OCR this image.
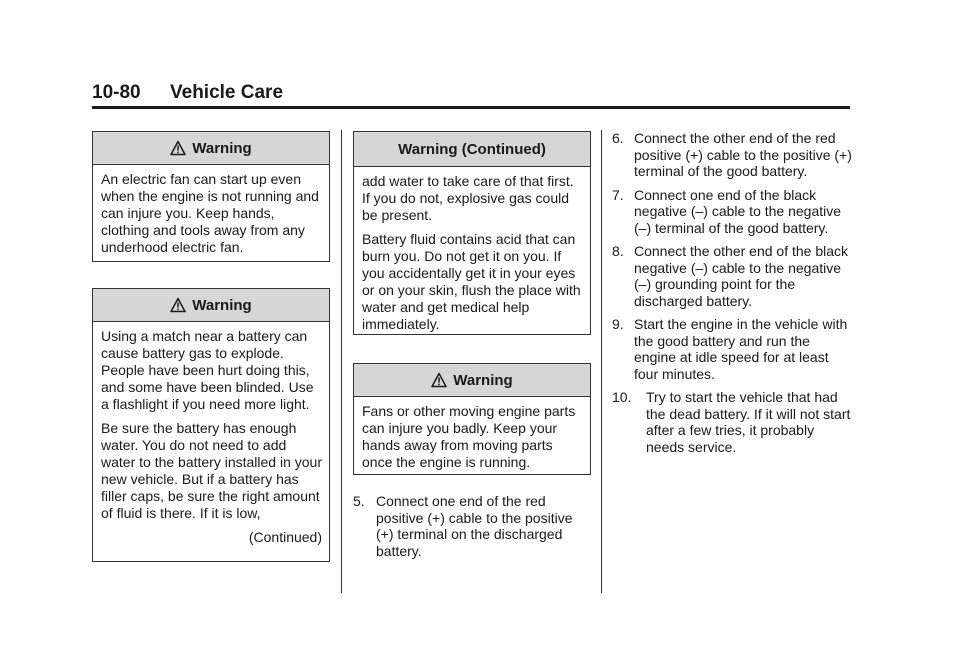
10-80 Vehicle Care
Warning

An electric fan can start up even when the engine is not running and can injure you. Keep hands, clothing and tools away from any underhood electric fan.

Warning

Using a match near a battery can cause battery gas to explode. People have been hurt doing this, and some have been blinded. Use a flashlight if you need more light.

Be sure the battery has enough water. You do not need to add water to the battery installed in your new vehicle. But if a battery has filler caps, be sure the right amount of fluid is there. If it is low,

(Continued)
Warning (Continued)

add water to take care of that first. If you do not, explosive gas could be present.

Battery fluid contains acid that can burn you. Do not get it on you. If you accidentally get it in your eyes or on your skin, flush the place with water and get medical help immediately.

Warning

Fans or other moving engine parts can injure you badly. Keep your hands away from moving parts once the engine is running.

5. Connect one end of the red positive (+) cable to the positive (+) terminal on the discharged battery.
6. Connect the other end of the red positive (+) cable to the positive (+) terminal of the good battery.
7. Connect one end of the black negative (–) cable to the negative (–) terminal of the good battery.
8. Connect the other end of the black negative (–) cable to the negative (–) grounding point for the discharged battery.
9. Start the engine in the vehicle with the good battery and run the engine at idle speed for at least four minutes.
10.	Try to start the vehicle that had the dead battery. If it will not start after a few tries, it probably needs service.
